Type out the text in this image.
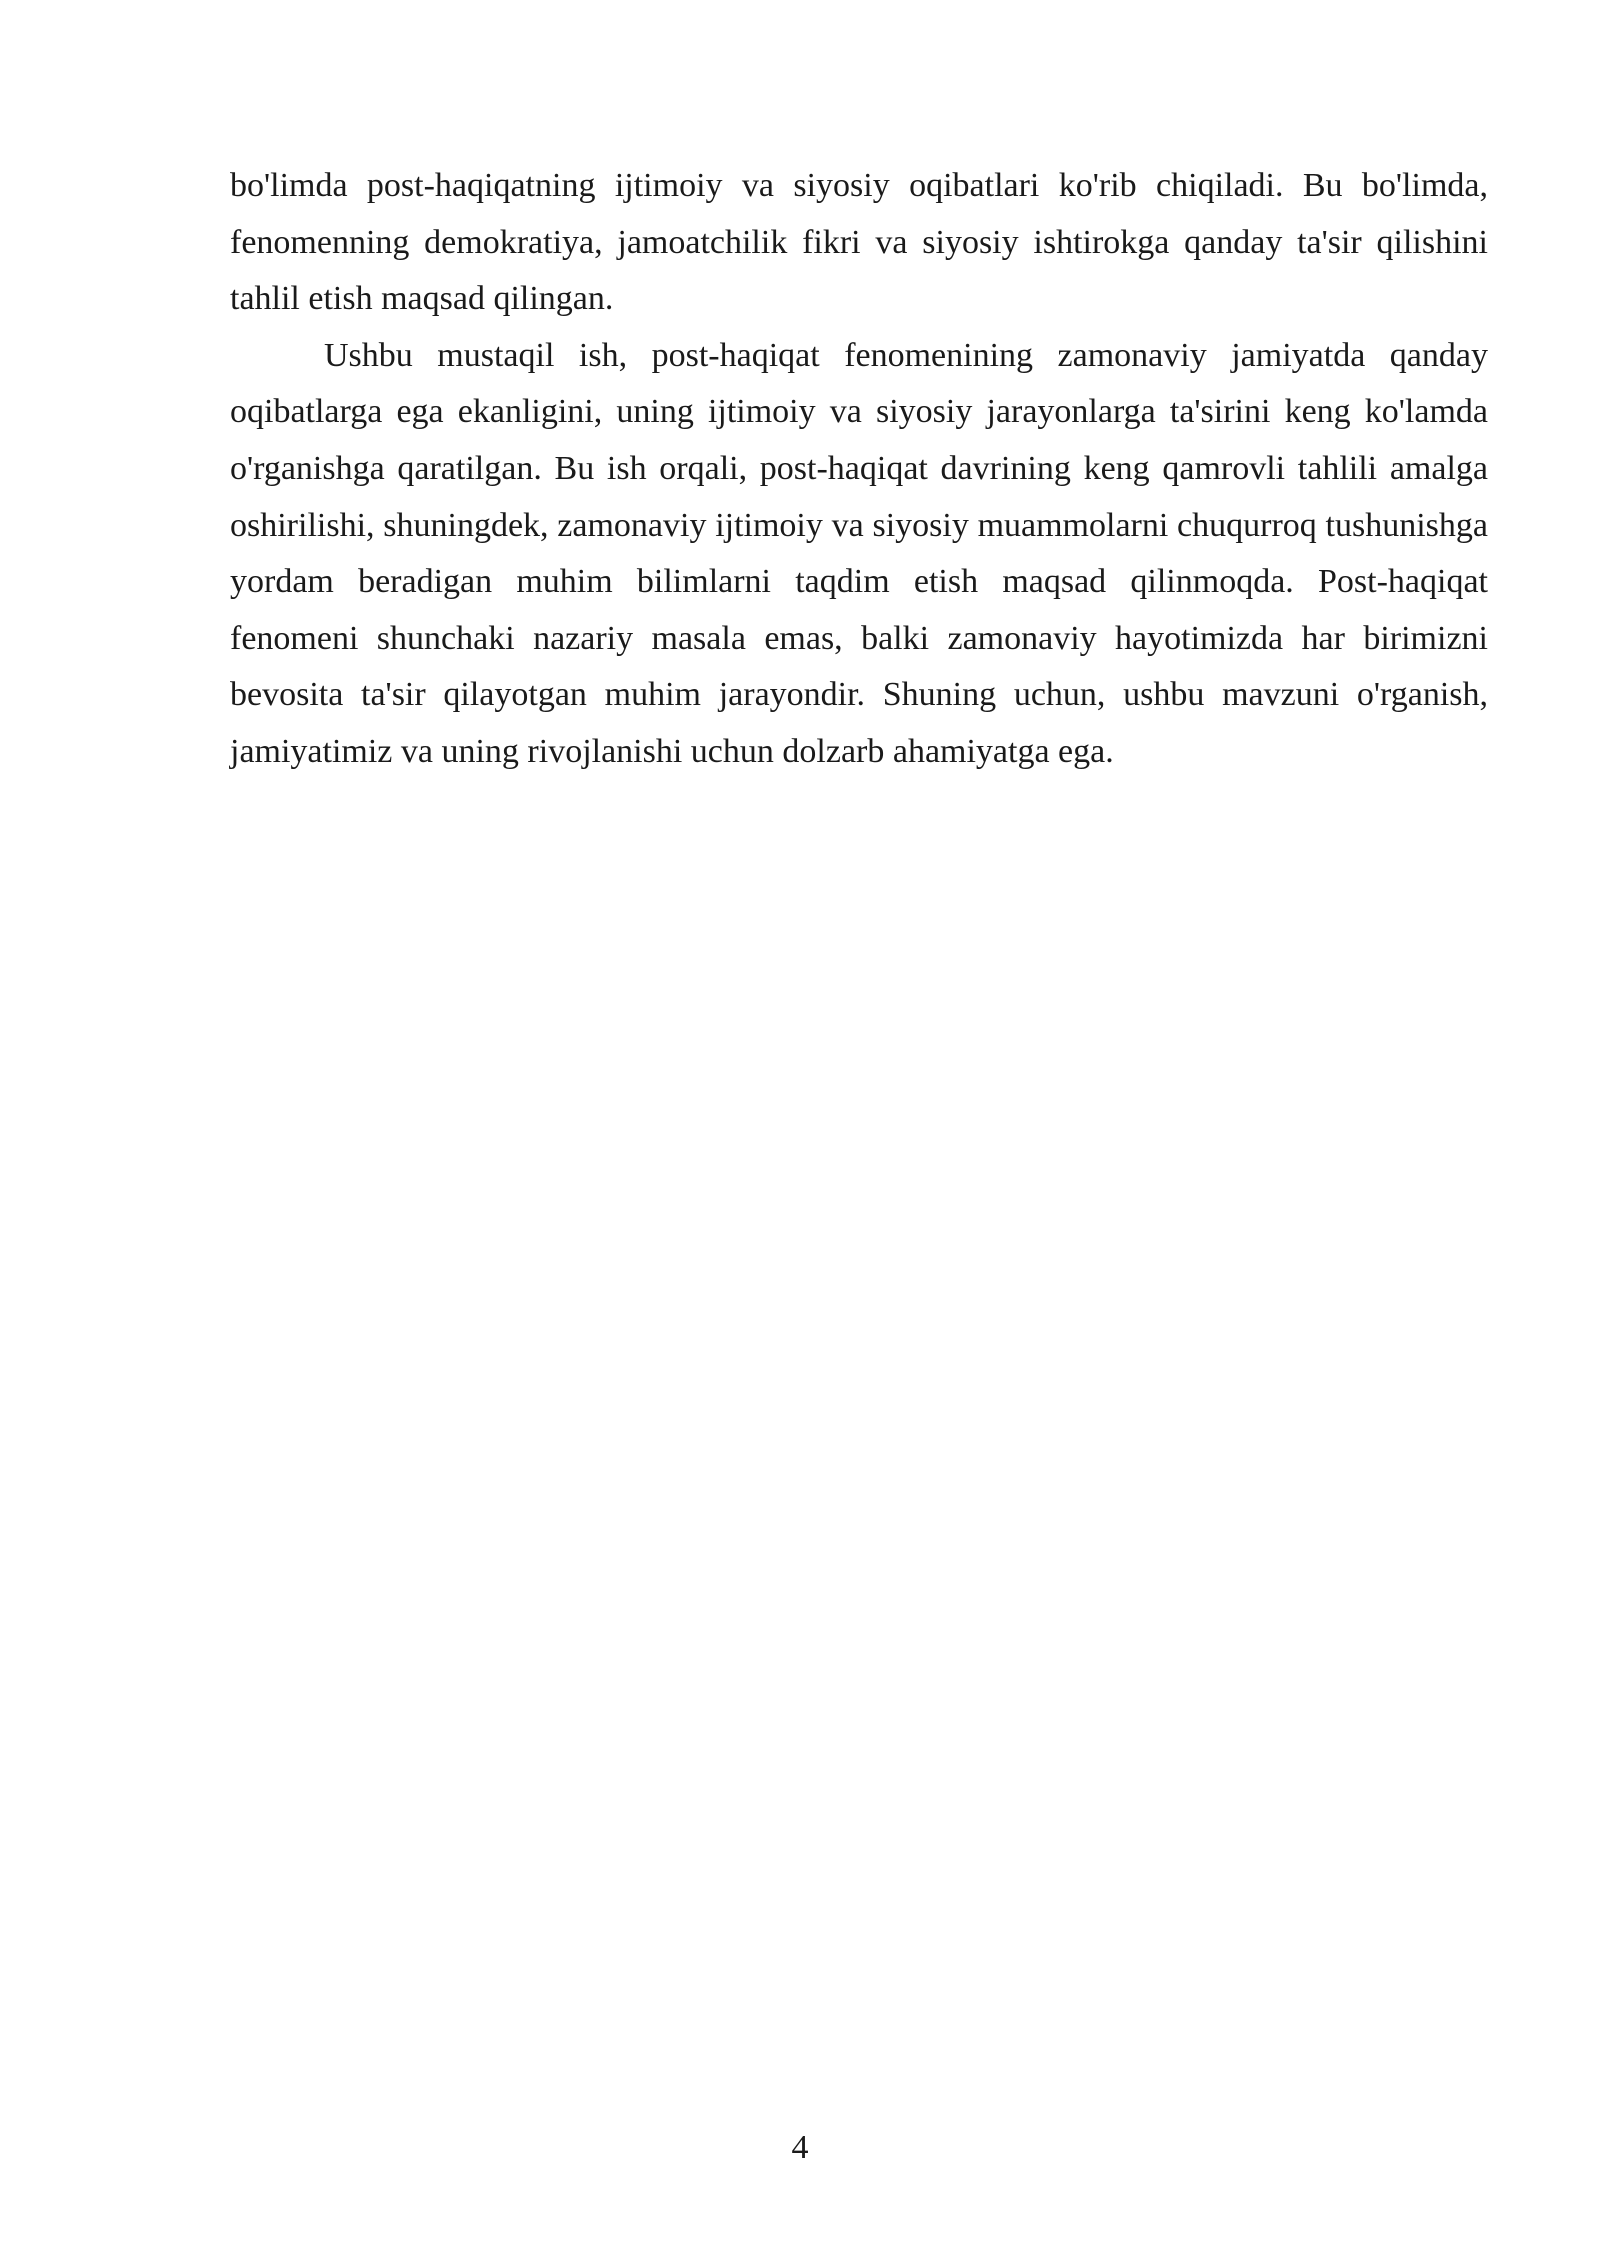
bo'limda post-haqiqatning ijtimoiy va siyosiy oqibatlari ko'rib chiqiladi. Bu bo'limda, fenomenning demokratiya, jamoatchilik fikri va siyosiy ishtirokga qanday ta'sir qilishini tahlil etish maqsad qilingan.

Ushbu mustaqil ish, post-haqiqat fenomenining zamonaviy jamiyatda qanday oqibatlarga ega ekanligini, uning ijtimoiy va siyosiy jarayonlarga ta'sirini keng ko'lamda o'rganishga qaratilgan. Bu ish orqali, post-haqiqat davrining keng qamrovli tahlili amalga oshirilishi, shuningdek, zamonaviy ijtimoiy va siyosiy muammolarni chuqurroq tushunishga yordam beradigan muhim bilimlarni taqdim etish maqsad qilinmoqda. Post-haqiqat fenomeni shunchaki nazariy masala emas, balki zamonaviy hayotimizda har birimizni bevosita ta'sir qilayotgan muhim jarayondir. Shuning uchun, ushbu mavzuni o'rganish, jamiyatimiz va uning rivojlanishi uchun dolzarb ahamiyatga ega.

4
